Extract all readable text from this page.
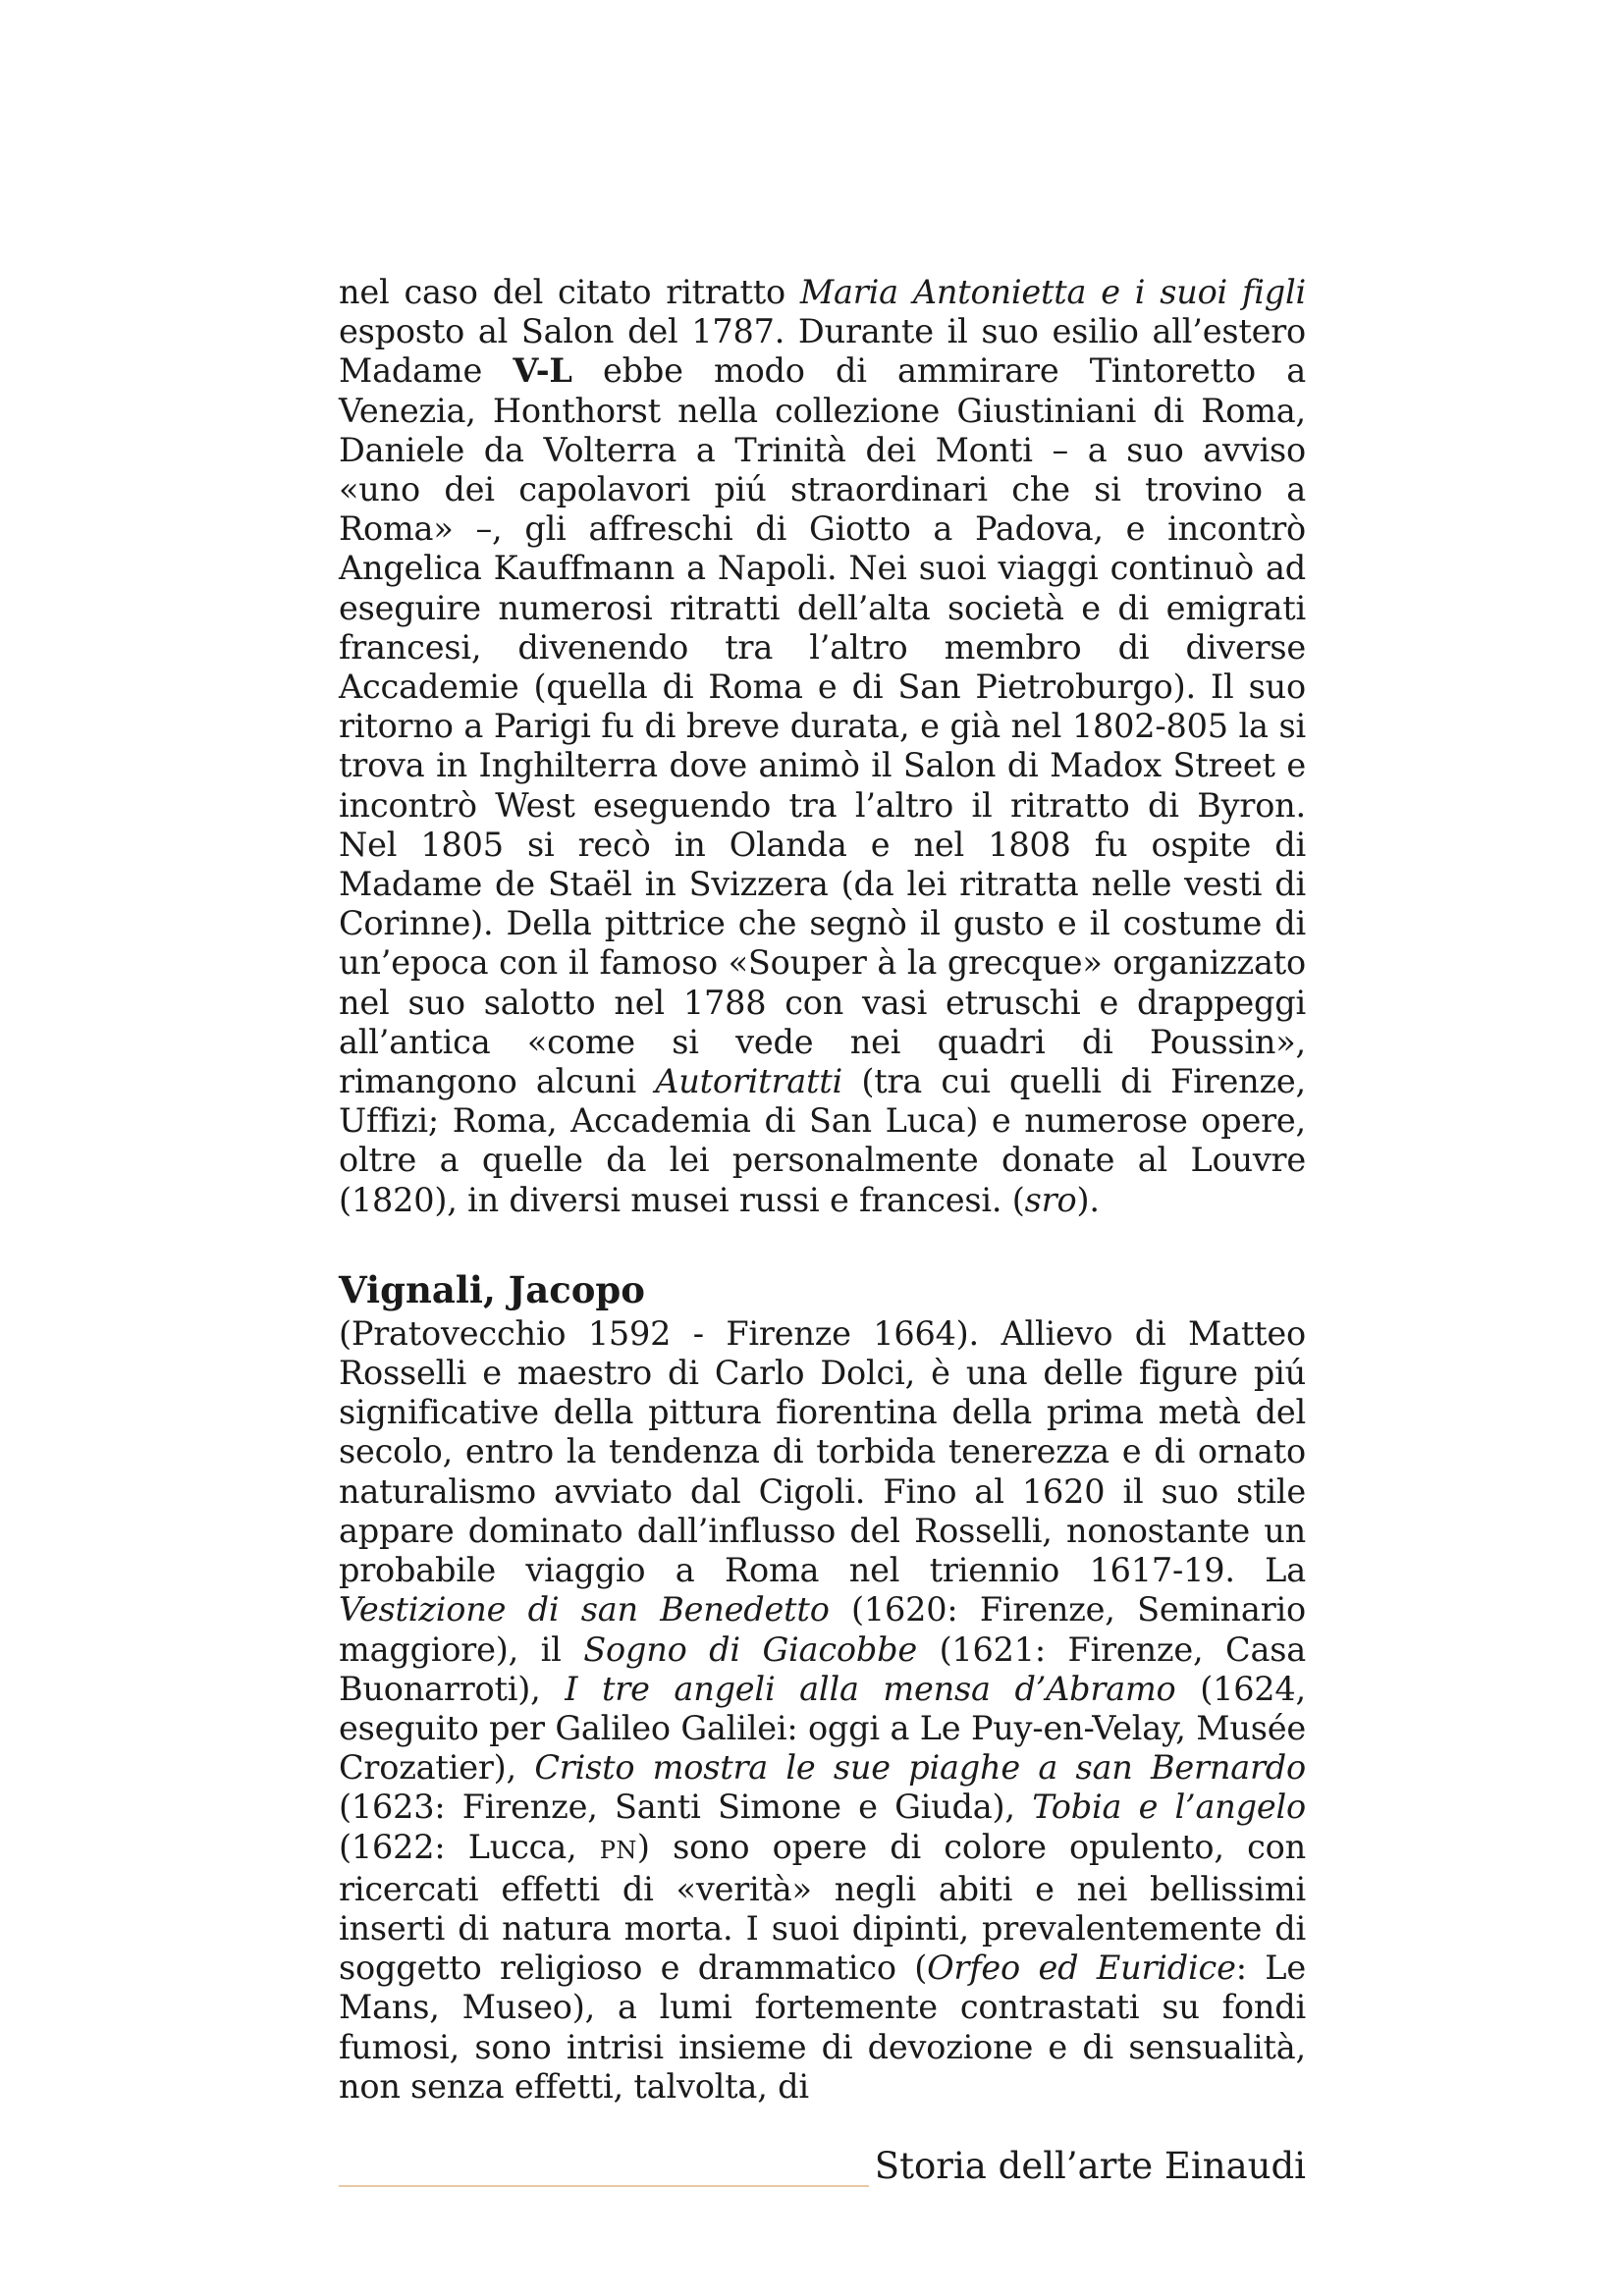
nel caso del citato ritratto Maria Antonietta e i suoi figli esposto al Salon del 1787. Durante il suo esilio all’estero Madame V-L ebbe modo di ammirare Tintoretto a Venezia, Honthorst nella collezione Giustiniani di Roma, Daniele da Volterra a Trinità dei Monti – a suo avviso «uno dei capolavori piú straordinari che si trovino a Roma» –, gli affreschi di Giotto a Padova, e incontrò Angelica Kauffmann a Napoli. Nei suoi viaggi continuò ad eseguire numerosi ritratti dell’alta società e di emigrati francesi, divenendo tra l’altro membro di diverse Accademie (quella di Roma e di San Pietroburgo). Il suo ritorno a Parigi fu di breve durata, e già nel 1802-805 la si trova in Inghilterra dove animò il Salon di Madox Street e incontrò West eseguendo tra l’altro il ritratto di Byron. Nel 1805 si recò in Olanda e nel 1808 fu ospite di Madame de Staël in Svizzera (da lei ritratta nelle vesti di Corinne). Della pittrice che segnò il gusto e il costume di un’epoca con il famoso «Souper à la grecque» organizzato nel suo salotto nel 1788 con vasi etruschi e drappeggi all’antica «come si vede nei quadri di Poussin», rimangono alcuni Autoritratti (tra cui quelli di Firenze, Uffizi; Roma, Accademia di San Luca) e numerose opere, oltre a quelle da lei personalmente donate al Louvre (1820), in diversi musei russi e francesi. (sro).

Vignali, Jacopo

(Pratovecchio 1592 - Firenze 1664). Allievo di Matteo Rosselli e maestro di Carlo Dolci, è una delle figure piú significative della pittura fiorentina della prima metà del secolo, entro la tendenza di torbida tenerezza e di ornato naturalismo avviato dal Cigoli. Fino al 1620 il suo stile appare dominato dall’influsso del Rosselli, nonostante un probabile viaggio a Roma nel triennio 1617-19. La Vestizione di san Benedetto (1620: Firenze, Seminario maggiore), il Sogno di Giacobbe (1621: Firenze, Casa Buonarroti), I tre angeli alla mensa d’Abramo (1624, eseguito per Galileo Galilei: oggi a Le Puy-en-Velay, Musée Crozatier), Cristo mostra le sue piaghe a san Bernardo (1623: Firenze, Santi Simone e Giuda), Tobia e l’angelo (1622: Lucca, PN) sono opere di colore opulento, con ricercati effetti di «verità» negli abiti e nei bellissimi inserti di natura morta. I suoi dipinti, prevalentemente di soggetto religioso e drammatico (Orfeo ed Euridice: Le Mans, Museo), a lumi fortemente contrastati su fondi fumosi, sono intrisi insieme di devozione e di sensualità, non senza effetti, talvolta, di

Storia dell’arte Einaudi
